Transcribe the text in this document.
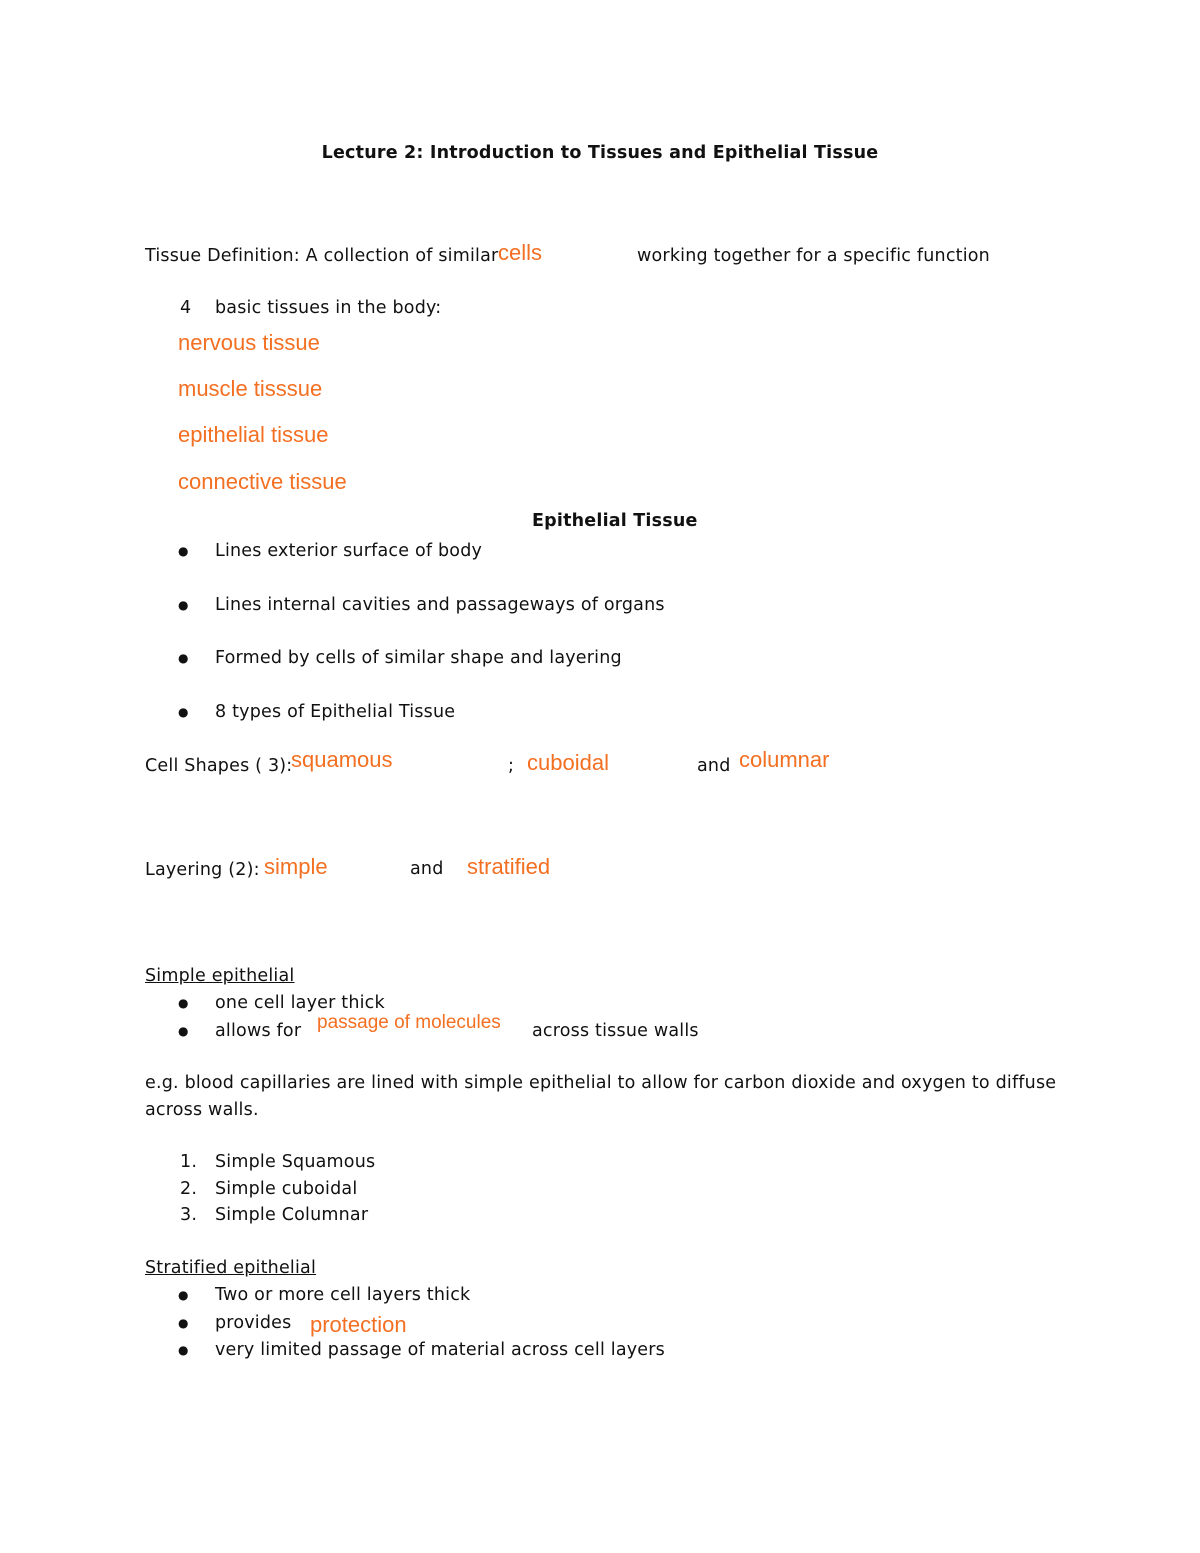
Lecture 2: Introduction to Tissues and Epithelial Tissue
Tissue Definition: A collection of similar cells	working together for a specific function
4 basic tissues in the body:
nervous tissue
muscle tisssue
epithelial tissue
connective tissue
Epithelial Tissue
● Lines exterior surface of body
● Lines internal cavities and passageways of organs
● Formed by cells of similar shape and layering
● 8 types of Epithelial Tissue
Cell Shapes ( 3):
squamous	; cuboidal	and columnar
Layering (2): simple	and stratified
Simple epithelial
● one cell layer thick
● allows for passage of molecules across tissue walls
e.g. blood capillaries are lined with simple epithelial to allow for carbon dioxide and oxygen to diffuse
across walls.
1. Simple Squamous
2. Simple cuboidal
3. Simple Columnar
Stratified epithelial
● Two or more cell layers thick
● provides protection
● very limited passage of material across cell layers
